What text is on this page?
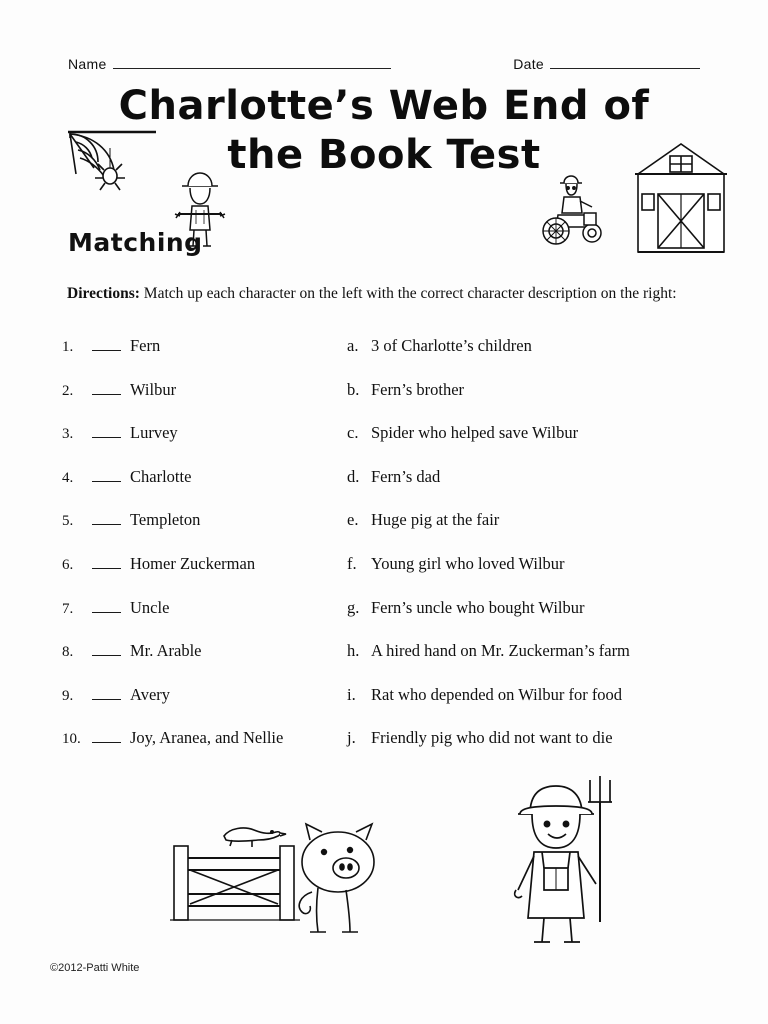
Name	Date
Charlotte’s Web End of the Book Test
Matching
Directions: Match up each character on the left with the correct character description on the right:
1.	Fern	a. 3 of Charlotte’s children
2.	Wilbur	b. Fern’s brother
3.	Lurvey	c. Spider who helped save Wilbur
4.	Charlotte	d. Fern’s dad
5.	Templeton	e. Huge pig at the fair
6.	Homer Zuckerman	f. Young girl who loved Wilbur
7.	Uncle	g. Fern’s uncle who bought Wilbur
8.	Mr. Arable	h. A hired hand on Mr. Zuckerman’s farm
9.	Avery	i. Rat who depended on Wilbur for food
10.	Joy, Aranea, and Nellie	j. Friendly pig who did not want to die
©2012-Patti White
